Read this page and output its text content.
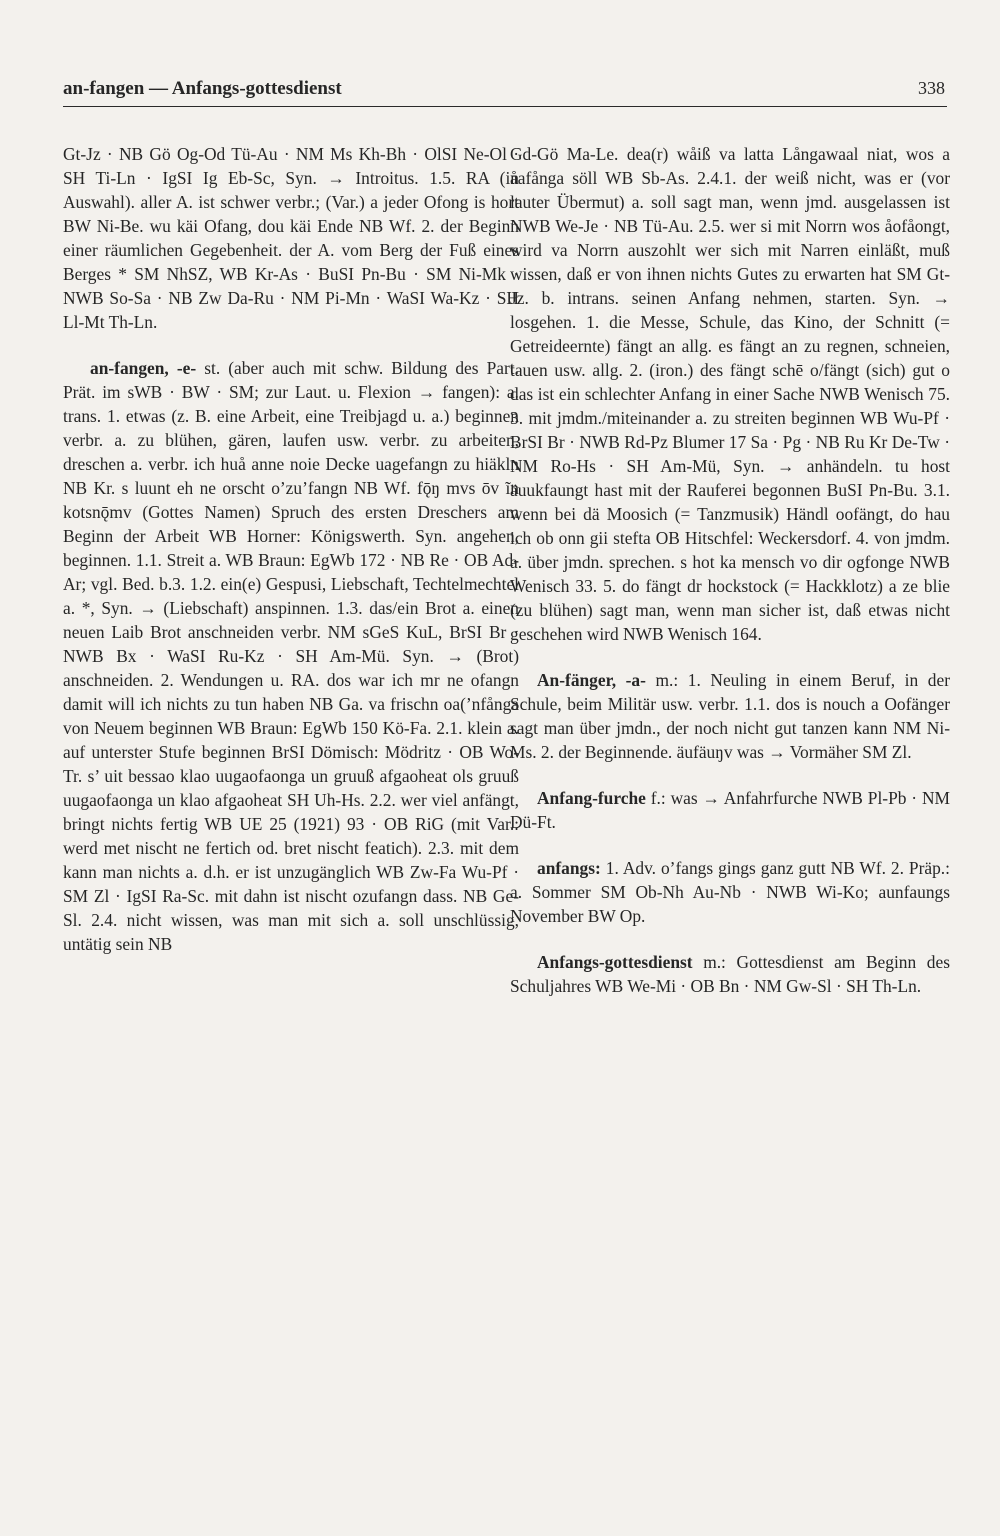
an-fangen — Anfangs-gottesdienst	338

Gt-Jz · NB Gö Og-Od Tü-Au · NM Ms Kh-Bh · OlSI Ne-Ol · SH Ti-Ln · IgSI Ig Eb-Sc, Syn. → Introitus. 1.5. RA (in Auswahl). aller A. ist schwer verbr.; (Var.) a jeder Ofong is hort BW Ni-Be. wu käi Ofang, dou käi Ende NB Wf. 2. der Beginn einer räumlichen Gegebenheit. der A. vom Berg der Fuß eines Berges * SM NhSZ, WB Kr-As · BuSI Pn-Bu · SM Ni-Mk · NWB So-Sa · NB Zw Da-Ru · NM Pi-Mn · WaSI Wa-Kz · SH Ll-Mt Th-Ln.

an-fangen, -e- st. (aber auch mit schw. Bildung des Part. Prät. im sWB · BW · SM; zur Laut. u. Flexion → fangen): a. trans. 1. etwas (z. B. eine Arbeit, eine Treibjagd u. a.) beginnen verbr. a. zu blühen, gären, laufen usw. verbr. zu arbeiten, dreschen a. verbr. ich huå anne noie Decke uagefangn zu hiäkln NB Kr. s luunt eh ne orscht o’zu’fangn NB Wf. fǭŋ mvs ōv ĩn kotsnǭmv (Gottes Namen) Spruch des ersten Dreschers am Beginn der Arbeit WB Horner: Königswerth. Syn. angehen, beginnen. 1.1. Streit a. WB Braun: EgWb 172 · NB Re · OB Ad-Ar; vgl. Bed. b.3. 1.2. ein(e) Gespusi, Liebschaft, Techtelmechtel a. *, Syn. → (Liebschaft) anspinnen. 1.3. das/ein Brot a. einen neuen Laib Brot anschneiden verbr. NM sGeS KuL, BrSI Br · NWB Bx · WaSI Ru-Kz · SH Am-Mü. Syn. → (Brot) anschneiden. 2. Wendungen u. RA. dos war ich mr ne ofangn damit will ich nichts zu tun haben NB Ga. va frischn oa(’nfånga von Neuem beginnen WB Braun: EgWb 150 Kö-Fa. 2.1. klein a. auf unterster Stufe beginnen BrSI Dömisch: Mödritz · OB Wo-Tr. s’ uit bessao klao uugaofaonga un gruuß afgaoheat ols gruuß uugaofaonga un klao afgaoheat SH Uh-Hs. 2.2. wer viel anfängt, bringt nichts fertig WB UE 25 (1921) 93 · OB RiG (mit Var.: werd met nischt ne fertich od. bret nischt featich). 2.3. mit dem kann man nichts a. d.h. er ist unzugänglich WB Zw-Fa Wu-Pf · SM Zl · IgSI Ra-Sc. mit dahn ist nischt ozufangn dass. NB Ge-Sl. 2.4. nicht wissen, was man mit sich a. soll unschlüssig, untätig sein NB

Gd-Gö Ma-Le. dea(r) wåiß va latta Långawaal niat, wos a åafånga söll WB Sb-As. 2.4.1. der weiß nicht, was er (vor lauter Übermut) a. soll sagt man, wenn jmd. ausgelassen ist NWB We-Je · NB Tü-Au. 2.5. wer si mit Norrn wos åofåongt, wird va Norrn auszohlt wer sich mit Narren einläßt, muß wissen, daß er von ihnen nichts Gutes zu erwarten hat SM Gt-Jz. b. intrans. seinen Anfang nehmen, starten. Syn. → losgehen. 1. die Messe, Schule, das Kino, der Schnitt (= Getreideernte) fängt an allg. es fängt an zu regnen, schneien, tauen usw. allg. 2. (iron.) des fängt schē o/fängt (sich) gut o das ist ein schlechter Anfang in einer Sache NWB Wenisch 75. 3. mit jmdm./miteinander a. zu streiten beginnen WB Wu-Pf · BrSI Br · NWB Rd-Pz Blumer 17 Sa · Pg · NB Ru Kr De-Tw · NM Ro-Hs · SH Am-Mü, Syn. → anhändeln. tu host äuukfaungt hast mit der Rauferei begonnen BuSI Pn-Bu. 3.1. wenn bei dä Moosich (= Tanzmusik) Händl oofängt, do hau ich ob onn gii stefta OB Hitschfel: Weckersdorf. 4. von jmdm. a. über jmdn. sprechen. s hot ka mensch vo dir ogfonge NWB Wenisch 33. 5. do fängt dr hockstock (= Hackklotz) a ze blie (zu blühen) sagt man, wenn man sicher ist, daß etwas nicht geschehen wird NWB Wenisch 164.

An-fänger, -a- m.: 1. Neuling in einem Beruf, in der Schule, beim Militär usw. verbr. 1.1. dos is nouch a Oofänger sagt man über jmdn., der noch nicht gut tanzen kann NM Ni-Ms. 2. der Beginnende. äufäuŋv was → Vormäher SM Zl.

Anfang-furche f.: was → Anfahrfurche NWB Pl-Pb · NM Dü-Ft.

anfangs: 1. Adv. o’fangs gings ganz gutt NB Wf. 2. Präp.: a. Sommer SM Ob-Nh Au-Nb · NWB Wi-Ko; aunfaungs November BW Op.

Anfangs-gottesdienst m.: Gottesdienst am Beginn des Schuljahres WB We-Mi · OB Bn · NM Gw-Sl · SH Th-Ln.
